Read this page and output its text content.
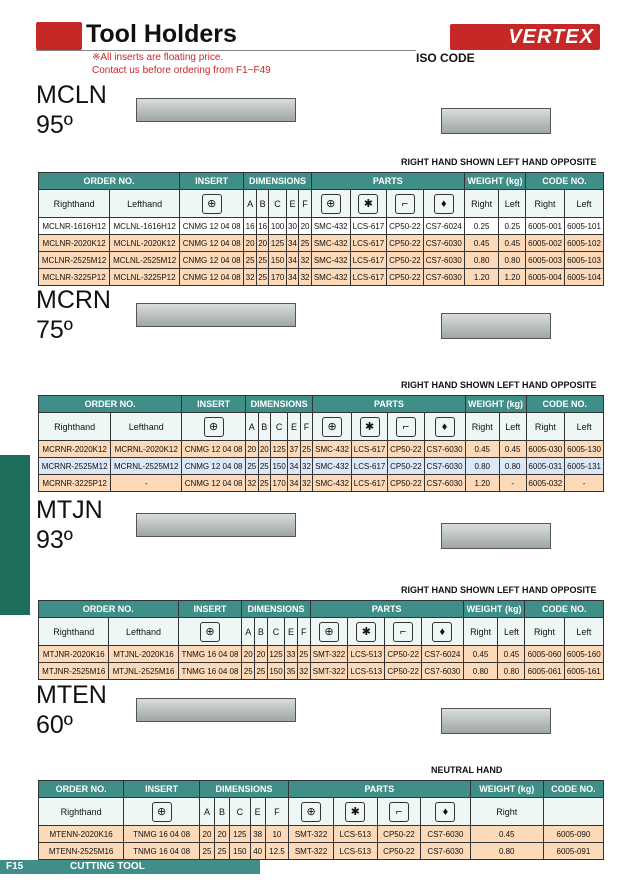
Tool Holders
※All inserts are floating price.
Contact us before ordering from F1~F49
VERTEX
ISO CODE
MCLN
95º
RIGHT HAND SHOWN LEFT HAND OPPOSITE
ORDER NO.		INSERT	DIMENSIONS					PARTS				WEIGHT (kg)		CODE NO.	
Righthand	Lefthand	⊕	A	B	C	E	F	⊕	✱	⌐	♦	Right	Left	Right	Left
MCLNR-1616H12	MCLNL-1616H12	CNMG 12 04 08	16	16	100	30	20	SMC-432	LCS-617	CP50-22	CS7-6024	0.25	0.25	6005-001	6005-101
MCLNR-2020K12	MCLNL-2020K12	CNMG 12 04 08	20	20	125	34	25	SMC-432	LCS-617	CP50-22	CS7-6030	0.45	0.45	6005-002	6005-102
MCLNR-2525M12	MCLNL-2525M12	CNMG 12 04 08	25	25	150	34	32	SMC-432	LCS-617	CP50-22	CS7-6030	0.80	0.80	6005-003	6005-103
MCLNR-3225P12	MCLNL-3225P12	CNMG 12 04 08	32	25	170	34	32	SMC-432	LCS-617	CP50-22	CS7-6030	1.20	1.20	6005-004	6005-104
MCRN
75º
RIGHT HAND SHOWN LEFT HAND OPPOSITE
ORDER NO.		INSERT	DIMENSIONS					PARTS				WEIGHT (kg)		CODE NO.	
Righthand	Lefthand	⊕	A	B	C	E	F	⊕	✱	⌐	♦	Right	Left	Right	Left
MCRNR-2020K12	MCRNL-2020K12	CNMG 12 04 08	20	20	125	37	25	SMC-432	LCS-617	CP50-22	CS7-6030	0.45	0.45	6005-030	6005-130
MCRNR-2525M12	MCRNL-2525M12	CNMG 12 04 08	25	25	150	34	32	SMC-432	LCS-617	CP50-22	CS7-6030	0.80	0.80	6005-031	6005-131
MCRNR-3225P12	-	CNMG 12 04 08	32	25	170	34	32	SMC-432	LCS-617	CP50-22	CS7-6030	1.20	-	6005-032	-
MTJN
93º
RIGHT HAND SHOWN LEFT HAND OPPOSITE
ORDER NO.		INSERT	DIMENSIONS					PARTS				WEIGHT (kg)		CODE NO.	
Righthand	Lefthand	⊕	A	B	C	E	F	⊕	✱	⌐	♦	Right	Left	Right	Left
MTJNR-2020K16	MTJNL-2020K16	TNMG 16 04 08	20	20	125	33	25	SMT-322	LCS-513	CP50-22	CS7-6024	0.45	0.45	6005-060	6005-160
MTJNR-2525M16	MTJNL-2525M16	TNMG 16 04 08	25	25	150	35	32	SMT-322	LCS-513	CP50-22	CS7-6030	0.80	0.80	6005-061	6005-161
MTEN
60º
NEUTRAL HAND
ORDER NO.	INSERT	DIMENSIONS					PARTS				WEIGHT (kg)	CODE NO.
Righthand	⊕	A	B	C	E	F	⊕	✱	⌐	♦	Right	
MTENN-2020K16	TNMG 16 04 08	20	20	125	38	10	SMT-322	LCS-513	CP50-22	CS7-6030	0.45	6005-090
MTENN-2525M16	TNMG 16 04 08	25	25	150	40	12.5	SMT-322	LCS-513	CP50-22	CS7-6030	0.80	6005-091
F15	CUTTING TOOL
